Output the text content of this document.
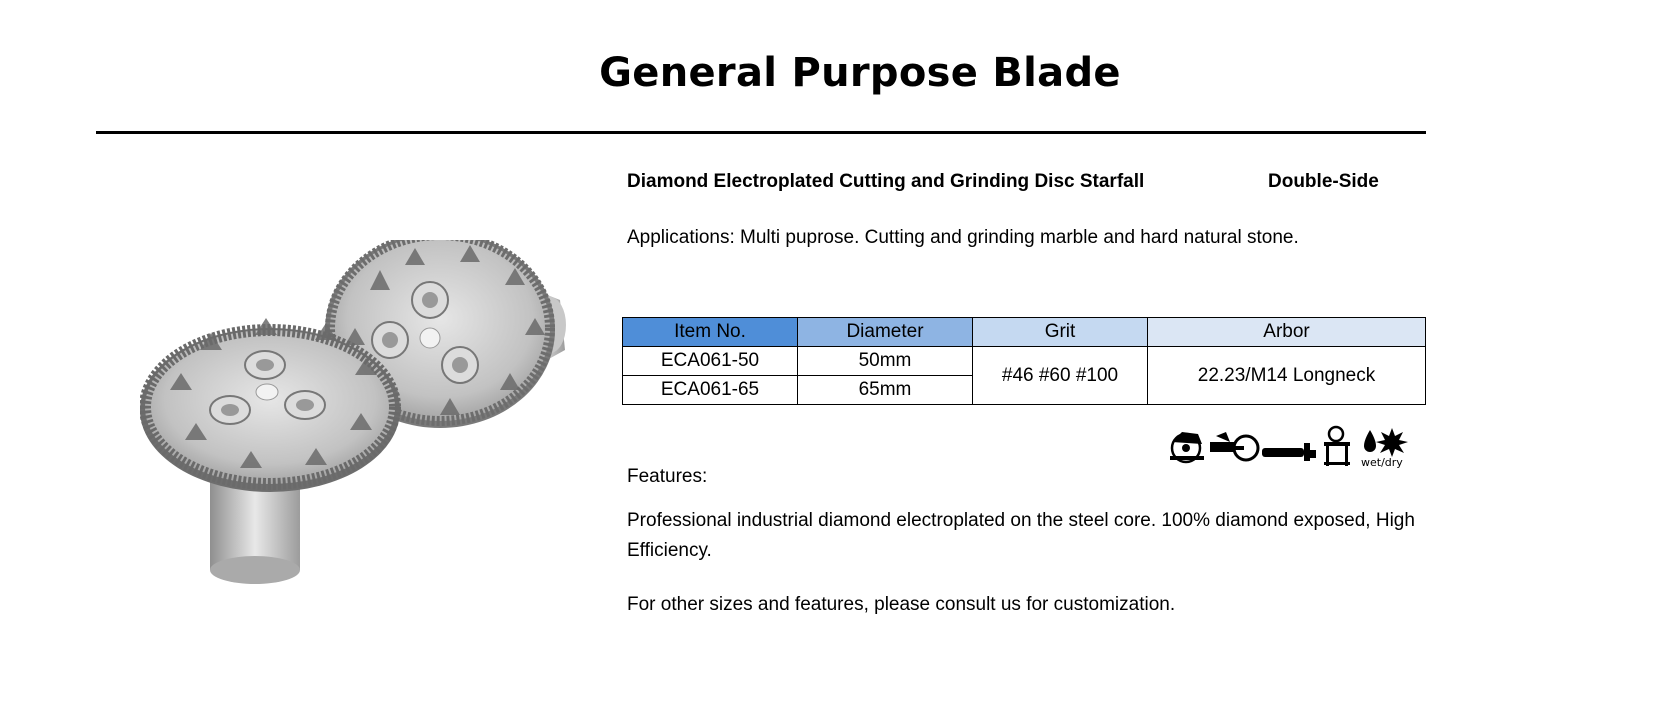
General Purpose Blade
Diamond Electroplated Cutting and Grinding Disc Starfall	Double-Side
Applications: Multi puprose. Cutting and grinding marble and hard natural stone.
Item No.	Diameter	Grit	Arbor
ECA061-50	50mm	#46 #60 #100	22.23/M14 Longneck
ECA061-65	65mm		
wet/dry
Features:
Professional industrial diamond electroplated on the steel core. 100% diamond exposed, High Efficiency.
For other sizes and features, please consult us for customization.
